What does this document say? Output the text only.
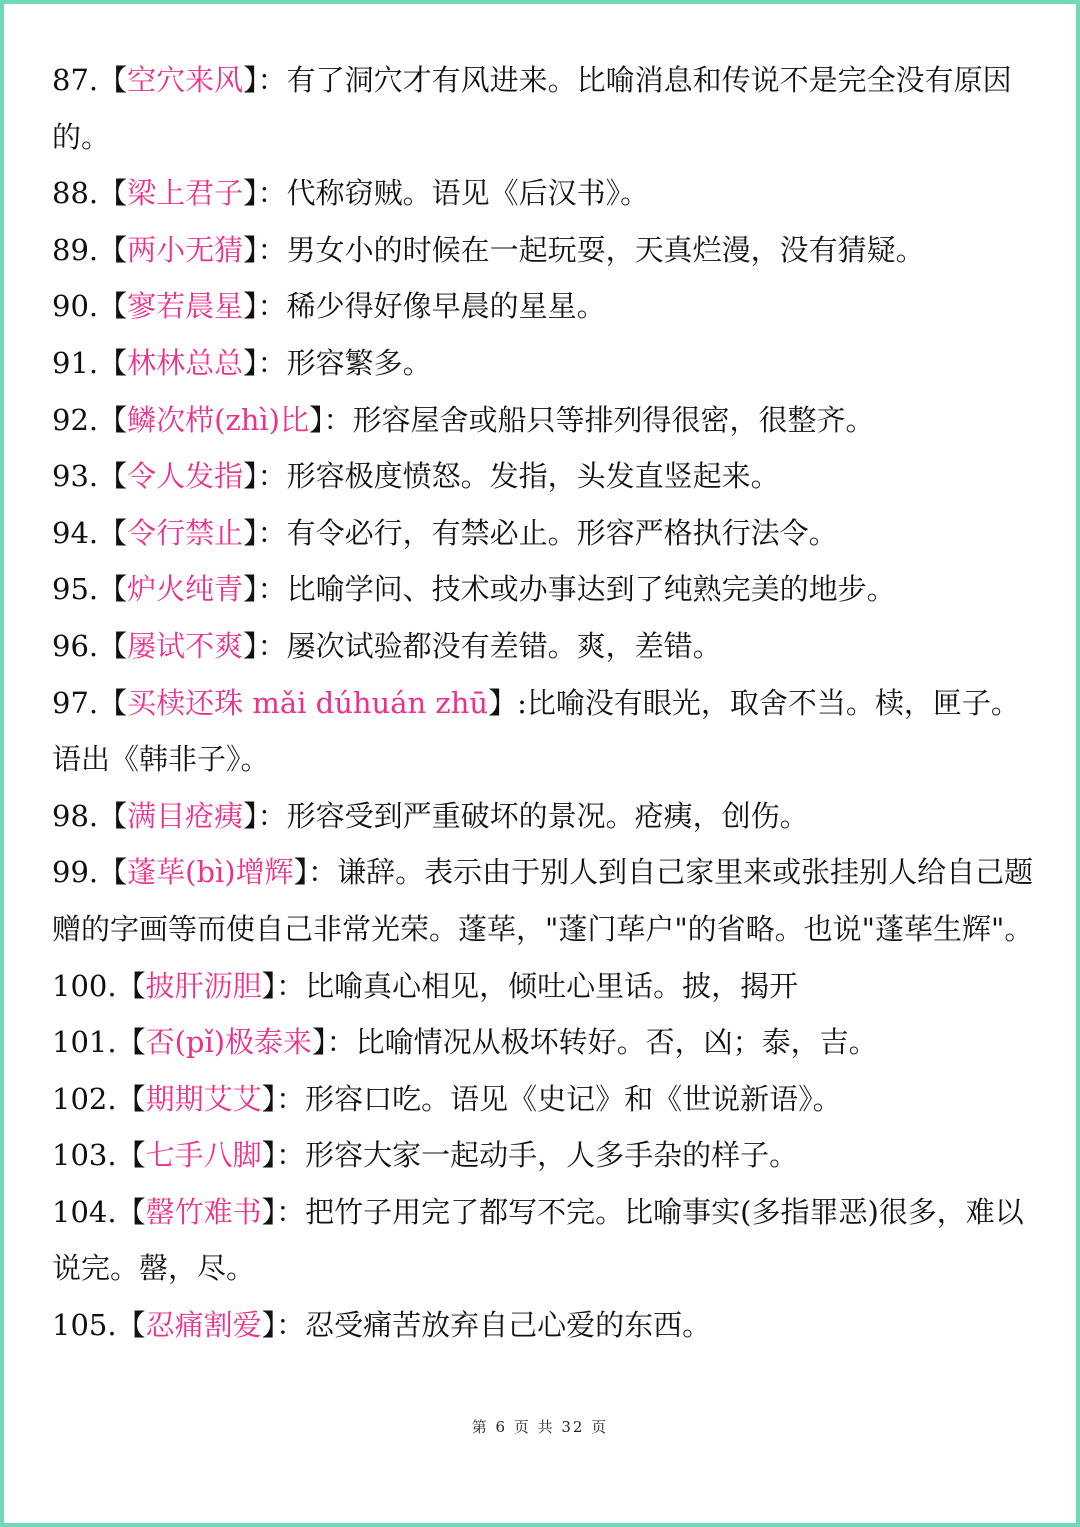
87.【空穴来风】：有了洞穴才有风进来。比喻消息和传说不是完全没有原因的。

88.【梁上君子】：代称窃贼。语见《后汉书》。

89.【两小无猜】：男女小的时候在一起玩耍，天真烂漫，没有猜疑。

90.【寥若晨星】：稀少得好像早晨的星星。

91.【林林总总】：形容繁多。

92.【鳞次栉(zhì)比】：形容屋舍或船只等排列得很密，很整齐。

93.【令人发指】：形容极度愤怒。发指，头发直竖起来。

94.【令行禁止】：有令必行，有禁必止。形容严格执行法令。

95.【炉火纯青】：比喻学问、技术或办事达到了纯熟完美的地步。

96.【屡试不爽】：屡次试验都没有差错。爽，差错。

97.【买椟还珠 mǎi dúhuán zhū】:比喻没有眼光，取舍不当。椟，匣子。语出《韩非子》。

98.【满目疮痍】：形容受到严重破坏的景况。疮痍，创伤。

99.【蓬荜(bì)增辉】：谦辞。表示由于别人到自己家里来或张挂别人给自己题赠的字画等而使自己非常光荣。蓬荜，"蓬门荜户"的省略。也说"蓬荜生辉"。

100.【披肝沥胆】：比喻真心相见，倾吐心里话。披，揭开

101.【否(pǐ)极泰来】：比喻情况从极坏转好。否，凶；泰，吉。

102.【期期艾艾】：形容口吃。语见《史记》和《世说新语》。

103.【七手八脚】：形容大家一起动手，人多手杂的样子。

104.【罄竹难书】：把竹子用完了都写不完。比喻事实(多指罪恶)很多，难以说完。罄，尽。

105.【忍痛割爱】：忍受痛苦放弃自己心爱的东西。

第 6 页 共 32 页
